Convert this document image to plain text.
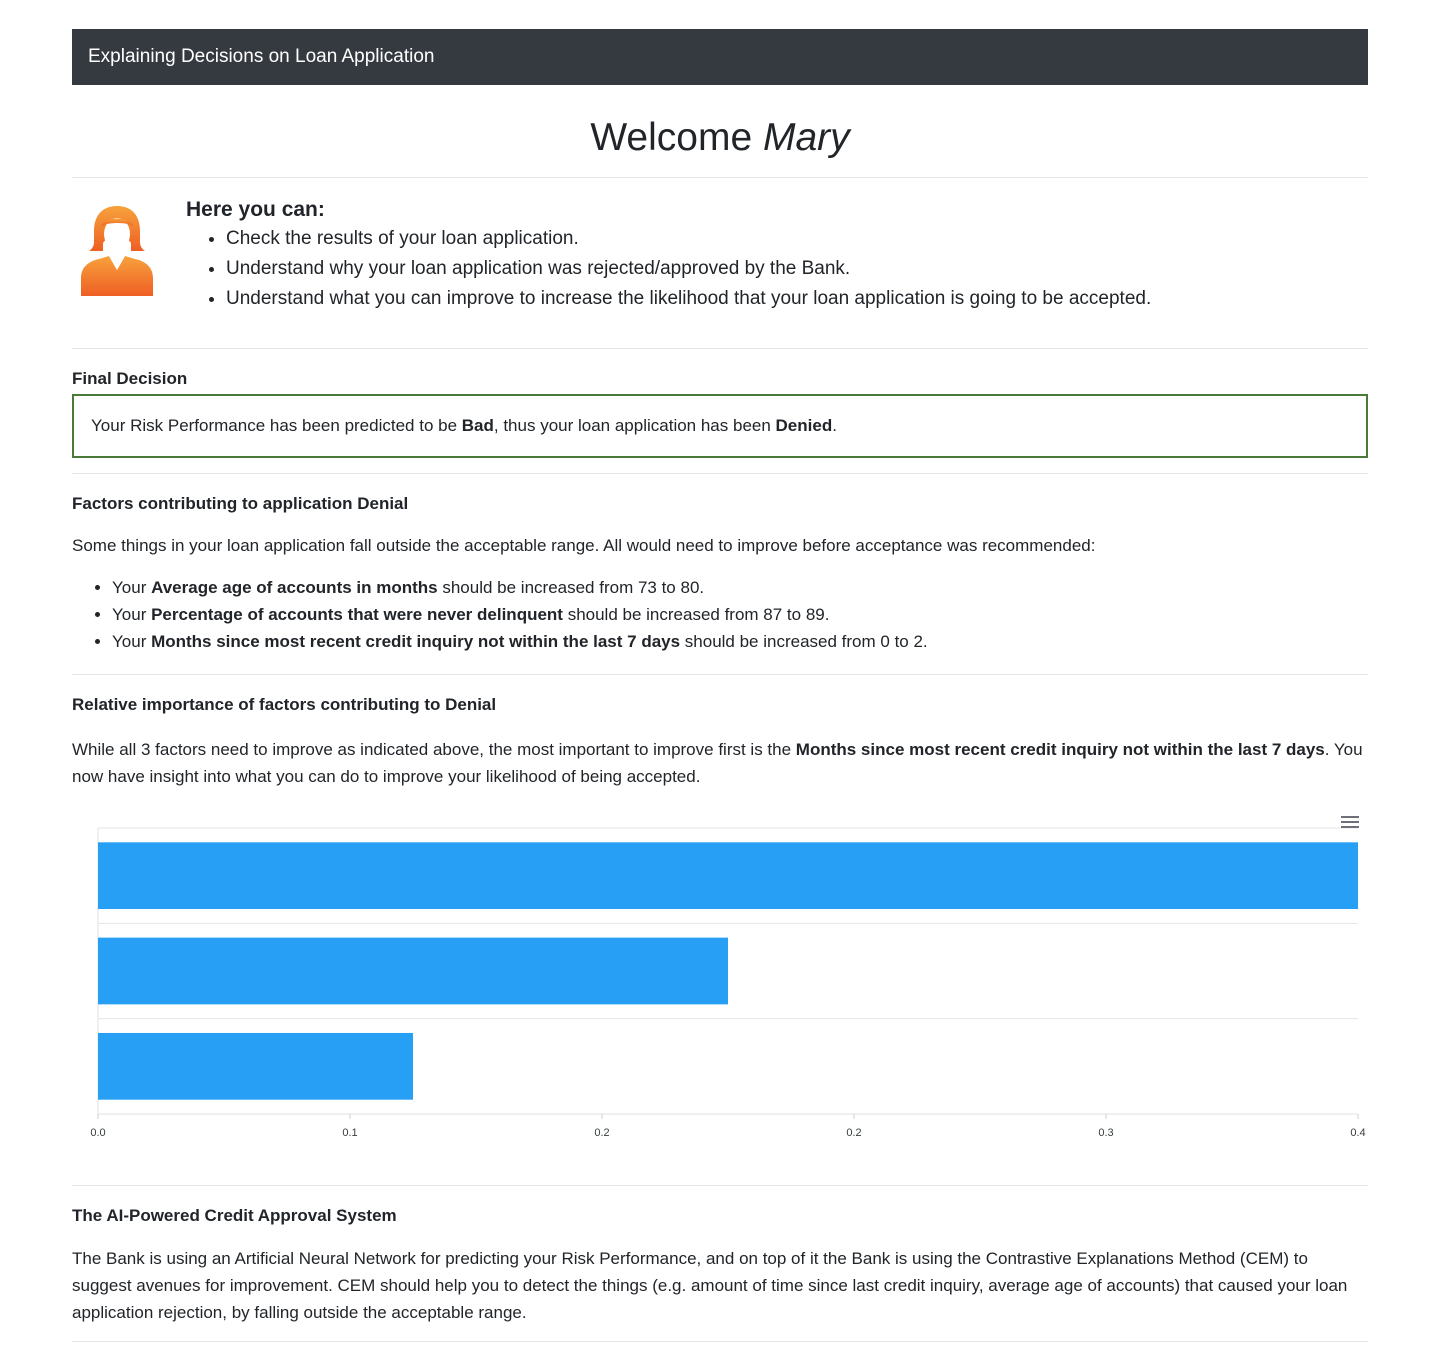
Explaining Decisions on Loan Application
Welcome Mary
Here you can:
• Check the results of your loan application.
• Understand why your loan application was rejected/approved by the Bank.
• Understand what you can improve to increase the likelihood that your loan application is going to be accepted.
Final Decision
Your Risk Performance has been predicted to be Bad, thus your loan application has been Denied.
Factors contributing to application Denial

Some things in your loan application fall outside the acceptable range. All would need to improve before acceptance was recommended:

• Your Average age of accounts in months should be increased from 73 to 80.
• Your Percentage of accounts that were never delinquent should be increased from 87 to 89.
• Your Months since most recent credit inquiry not within the last 7 days should be increased from 0 to 2.
Relative importance of factors contributing to Denial

While all 3 factors need to improve as indicated above, the most important to improve first is the Months since most recent credit inquiry not within the last 7 days. You now have insight into what you can do to improve your likelihood of being accepted.

0.0	0.1	0.2	0.2	0.3	0.4
The AI-Powered Credit Approval System

The Bank is using an Artificial Neural Network for predicting your Risk Performance, and on top of it the Bank is using the Contrastive Explanations Method (CEM) to suggest avenues for improvement. CEM should help you to detect the things (e.g. amount of time since last credit inquiry, average age of accounts) that caused your loan application rejection, by falling outside the acceptable range.
